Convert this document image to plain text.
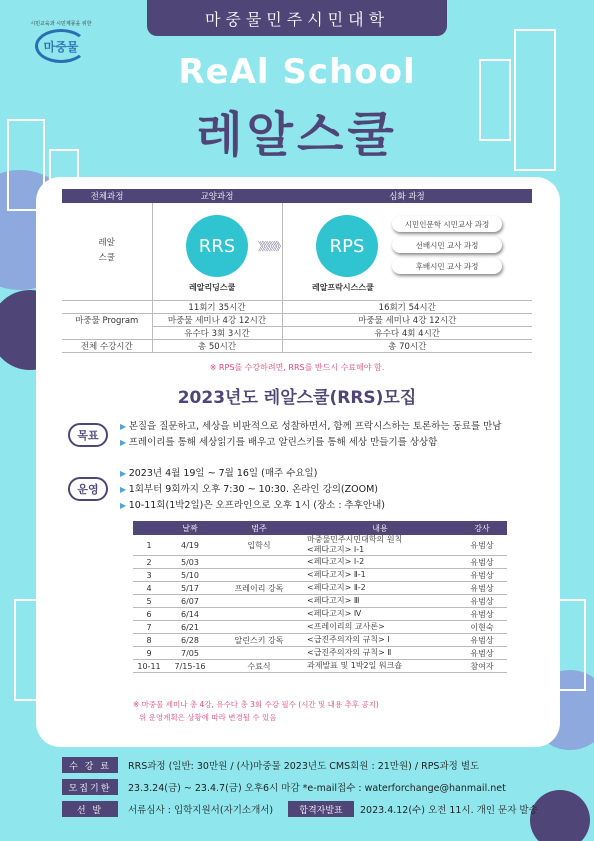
마중물민주시민대학
시민교육과 시민계몽을 위한
마중물
ReAl School
레알스쿨
전체과정	교양과정	심화 과정
레알
스쿨		
	11회기 35시간	16회기 54시간
마중물 Program	마중물 세미나 4강 12시간	마중물 세미나 4강 12시간
	유수다 3회 3시간	유수다 4회 4시간
전체 수강시간	총 50시간	총 70시간
RRS
레알리딩스쿨
》》》》》》	RPS
레알프락시스스쿨
시민인문학 시민교사 과정
선배시민 교사 과정
후배시민 교사 과정
※ RPS를 수강하려면, RRS를 반드시 수료해야 함.
2023년도 레알스쿨(RRS)모집
목표
▶ 본질을 질문하고, 세상을 비판적으로 성찰하면서, 함께 프락시스하는 토론하는 동료를 만남
▶ 프레이리를 통해 세상읽기를 배우고 알린스키를 통해 세상 만들기를 상상함
운영
▶ 2023년 4월 19일 ~ 7월 16일 (매주 수요일)
▶ 1회부터 9회까지 오후 7:30 ~ 10:30. 온라인 강의(ZOOM)
▶ 10-11회(1박2일)은 오프라인으로 오후 1시 (장소 : 추후안내)
	날짜	범주	내용	강사
1	4/19	입학식	마중물민주시민대학의 원칙
<페다고지> Ⅰ-1	유범상
2	5/03		<페다고지> Ⅰ-2	유범상
3	5/10		<페다고지> Ⅱ-1	유범상
4	5/17	프레이리 강독	<페다고지> Ⅱ-2	유범상
5	6/07		<페다고지> Ⅲ	유범상
6	6/14		<페다고지> Ⅳ	유범상
7	6/21		<프레이리의 교사론>	이현숙
8	6/28	알린스키 강독	<급진주의자의 규칙> Ⅰ	유범상
9	7/05		<급진주의자의 규칙> Ⅱ	유범상
10-11	7/15-16	수료식	과제발표 및 1박2일 워크숍	참여자
※ 마중물 세미나 총 4강, 유수다 총 3회 수강 필수 (시간 및 내용 추후 공지)
위 운영계획은 상황에 따라 변경될 수 있음
수 강 료	RRS과정 (일반: 30만원 / (사)마중물 2023년도 CMS회원 : 21만원) / RPS과정 별도
모집기한	23.3.24(금) ~ 23.4.7(금) 오후6시 마감 *e-mail접수 : waterforchange@hanmail.net
선 발	서류심사 : 입학지원서(자기소개서)	합격자발표	2023.4.12(수) 오전 11시. 개인 문자 발송
